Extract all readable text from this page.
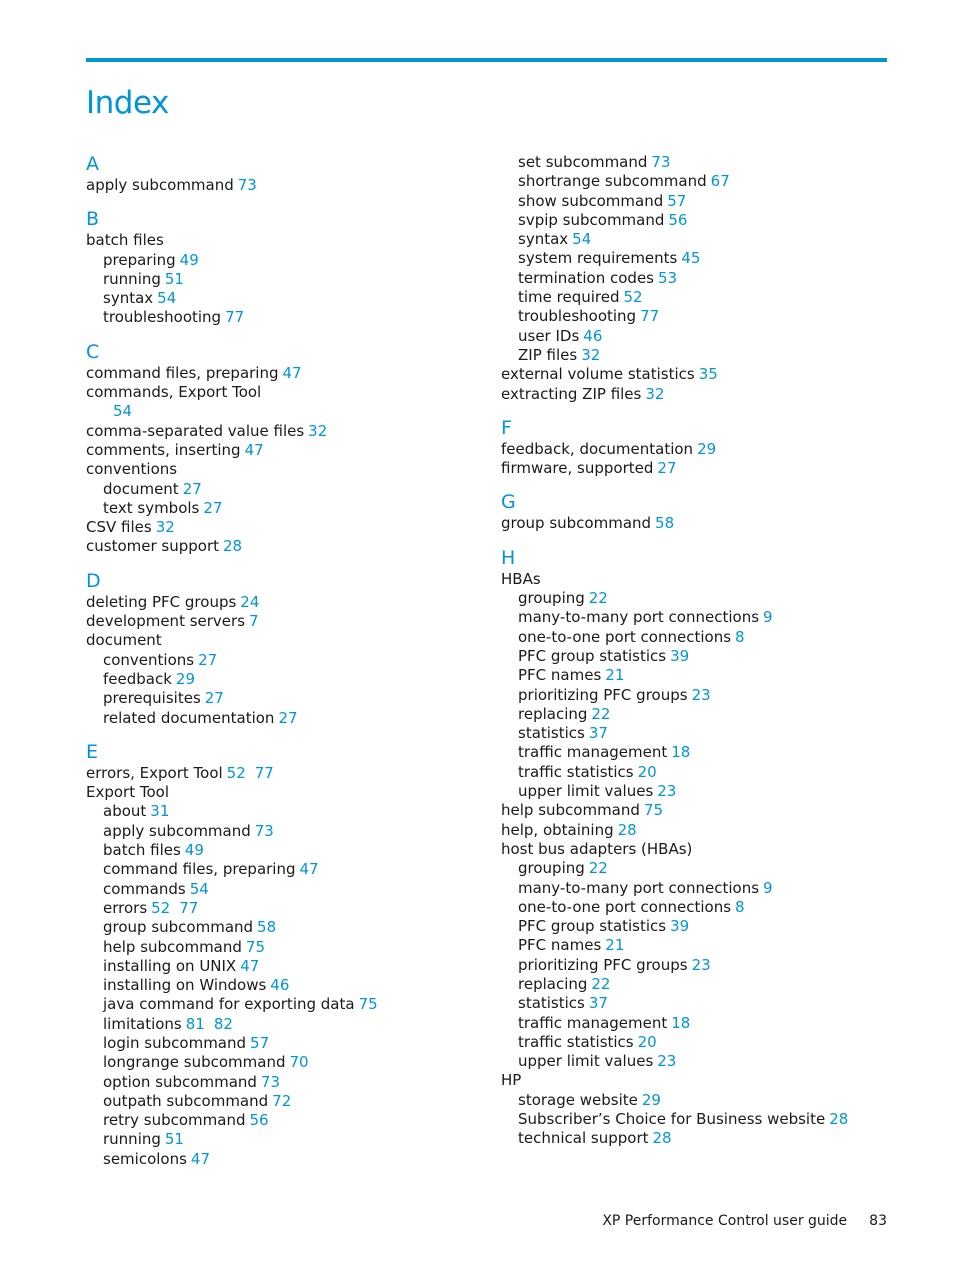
Index
A
apply subcommand 73
B
batch files
preparing 49
running 51
syntax 54
troubleshooting 77
C
command files, preparing 47
commands, Export Tool
54
comma-separated value files 32
comments, inserting 47
conventions
document 27
text symbols 27
CSV files 32
customer support 28
D
deleting PFC groups 24
development servers 7
document
conventions 27
feedback 29
prerequisites 27
related documentation 27
E
errors, Export Tool 52 77
Export Tool
about 31
apply subcommand 73
batch files 49
command files, preparing 47
commands 54
errors 52 77
group subcommand 58
help subcommand 75
installing on UNIX 47
installing on Windows 46
java command for exporting data 75
limitations 81 82
login subcommand 57
longrange subcommand 70
option subcommand 73
outpath subcommand 72
retry subcommand 56
running 51
semicolons 47
set subcommand 73
shortrange subcommand 67
show subcommand 57
svpip subcommand 56
syntax 54
system requirements 45
termination codes 53
time required 52
troubleshooting 77
user IDs 46
ZIP files 32
external volume statistics 35
extracting ZIP files 32
F
feedback, documentation 29
firmware, supported 27
G
group subcommand 58
H
HBAs
grouping 22
many-to-many port connections 9
one-to-one port connections 8
PFC group statistics 39
PFC names 21
prioritizing PFC groups 23
replacing 22
statistics 37
traffic management 18
traffic statistics 20
upper limit values 23
help subcommand 75
help, obtaining 28
host bus adapters (HBAs)
grouping 22
many-to-many port connections 9
one-to-one port connections 8
PFC group statistics 39
PFC names 21
prioritizing PFC groups 23
replacing 22
statistics 37
traffic management 18
traffic statistics 20
upper limit values 23
HP
storage website 29
Subscriber’s Choice for Business website 28
technical support 28
XP Performance Control user guide 83
